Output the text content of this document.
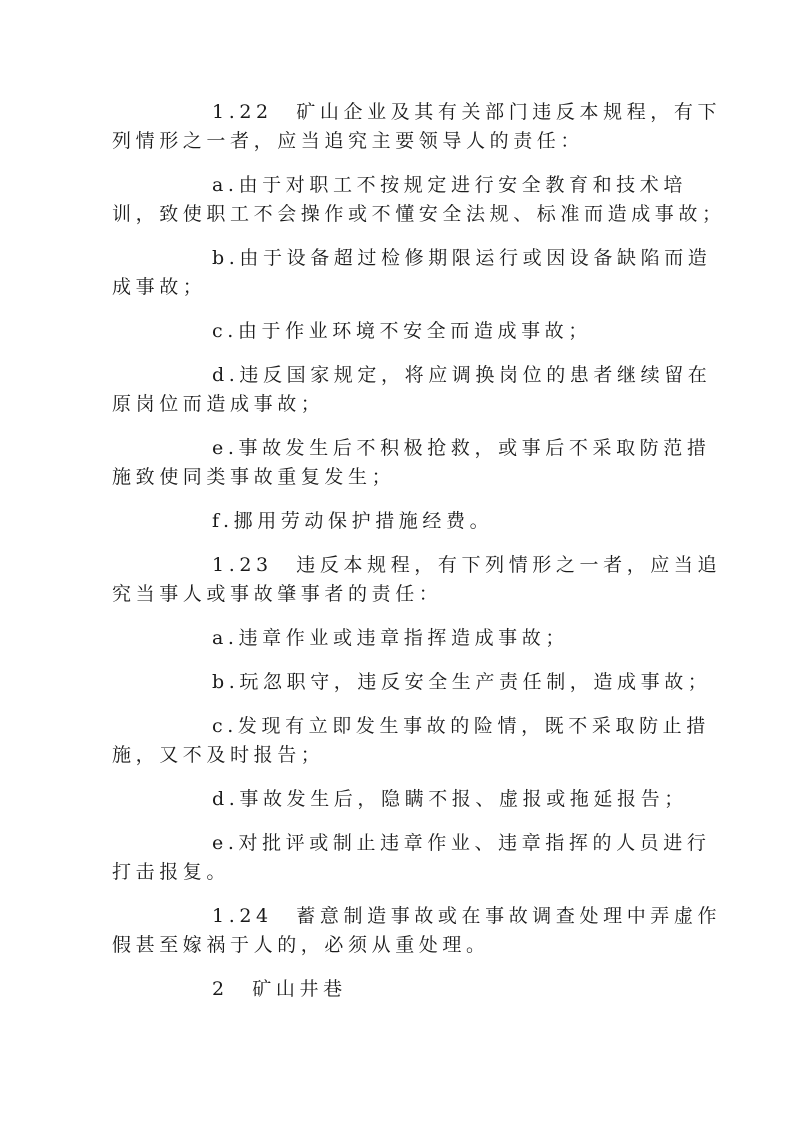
1.22　矿山企业及其有关部门违反本规程，有下
列情形之一者，应当追究主要领导人的责任：
a.由于对职工不按规定进行安全教育和技术培
训，致使职工不会操作或不懂安全法规、标准而造成事故；
b.由于设备超过检修期限运行或因设备缺陷而造
成事故；
c.由于作业环境不安全而造成事故；
d.违反国家规定，将应调换岗位的患者继续留在
原岗位而造成事故；
e.事故发生后不积极抢救，或事后不采取防范措
施致使同类事故重复发生；
f.挪用劳动保护措施经费。
1.23　违反本规程，有下列情形之一者，应当追
究当事人或事故肇事者的责任：
a.违章作业或违章指挥造成事故；
b.玩忽职守，违反安全生产责任制，造成事故；
c.发现有立即发生事故的险情，既不采取防止措
施，又不及时报告；
d.事故发生后，隐瞒不报、虚报或拖延报告；
e.对批评或制止违章作业、违章指挥的人员进行
打击报复。
1.24　蓄意制造事故或在事故调查处理中弄虚作
假甚至嫁祸于人的，必须从重处理。
2　矿山井巷
